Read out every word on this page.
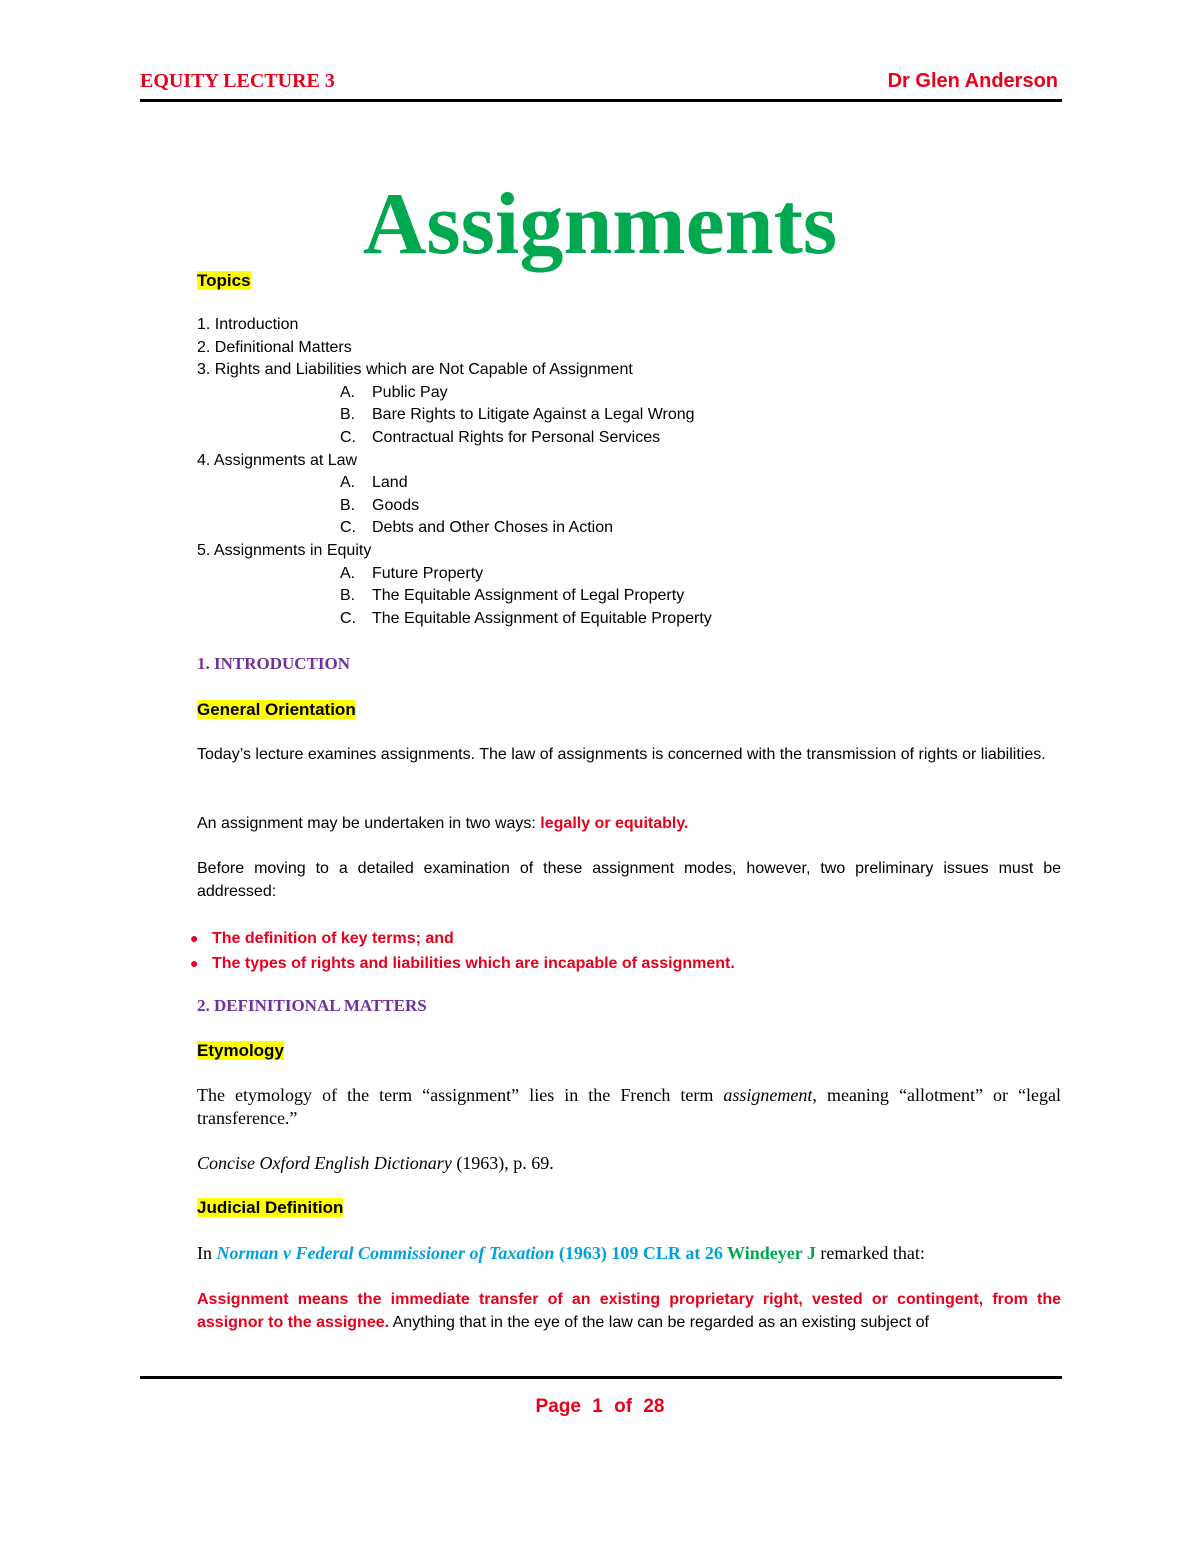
EQUITY LECTURE 3	Dr Glen Anderson
Assignments
Topics
1. Introduction
2. Definitional Matters
3. Rights and Liabilities which are Not Capable of Assignment
A. Public Pay
B. Bare Rights to Litigate Against a Legal Wrong
C. Contractual Rights for Personal Services
4. Assignments at Law
A. Land
B. Goods
C. Debts and Other Choses in Action
5. Assignments in Equity
A. Future Property
B. The Equitable Assignment of Legal Property
C. The Equitable Assignment of Equitable Property
1. INTRODUCTION
General Orientation
Today’s lecture examines assignments. The law of assignments is concerned with the transmission of rights or liabilities.
An assignment may be undertaken in two ways: legally or equitably.
Before moving to a detailed examination of these assignment modes, however, two preliminary issues must be addressed:
● The definition of key terms; and
● The types of rights and liabilities which are incapable of assignment.
2. DEFINITIONAL MATTERS
Etymology
The etymology of the term “assignment” lies in the French term assignement, meaning “allotment” or “legal transference.”
Concise Oxford English Dictionary (1963), p. 69.
Judicial Definition
In Norman v Federal Commissioner of Taxation (1963) 109 CLR at 26 Windeyer J remarked that:
Assignment means the immediate transfer of an existing proprietary right, vested or contingent, from the assignor to the assignee. Anything that in the eye of the law can be regarded as an existing subject of
Page 1 of 28
